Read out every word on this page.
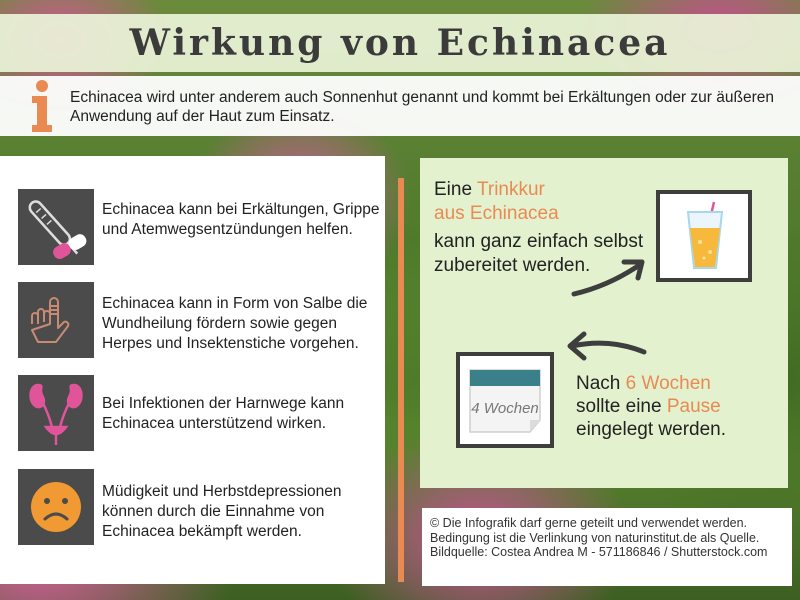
Wirkung von Echinacea
Echinacea wird unter anderem auch Sonnenhut genannt und kommt bei Erkältungen oder zur äußeren Anwendung auf der Haut zum Einsatz.
Echinacea kann bei Erkältungen, Grippe und Atemwegsentzündungen helfen.
Echinacea kann in Form von Salbe die Wundheilung fördern sowie gegen Herpes und Insektenstiche vorgehen.
Bei Infektionen der Harnwege kann Echinacea unterstützend wirken.
Müdigkeit und Herbstdepressionen können durch die Einnahme von Echinacea bekämpft werden.
Eine Trinkkur
aus Echinacea
kann ganz einfach selbst
zubereitet werden.
4 Wochen
Nach 6 Wochen
sollte eine Pause
eingelegt werden.
© Die Infografik darf gerne geteilt und verwendet werden. Bedingung ist die Verlinkung von naturinstitut.de als Quelle. Bildquelle: Costea Andrea M - 571186846 / Shutterstock.com
